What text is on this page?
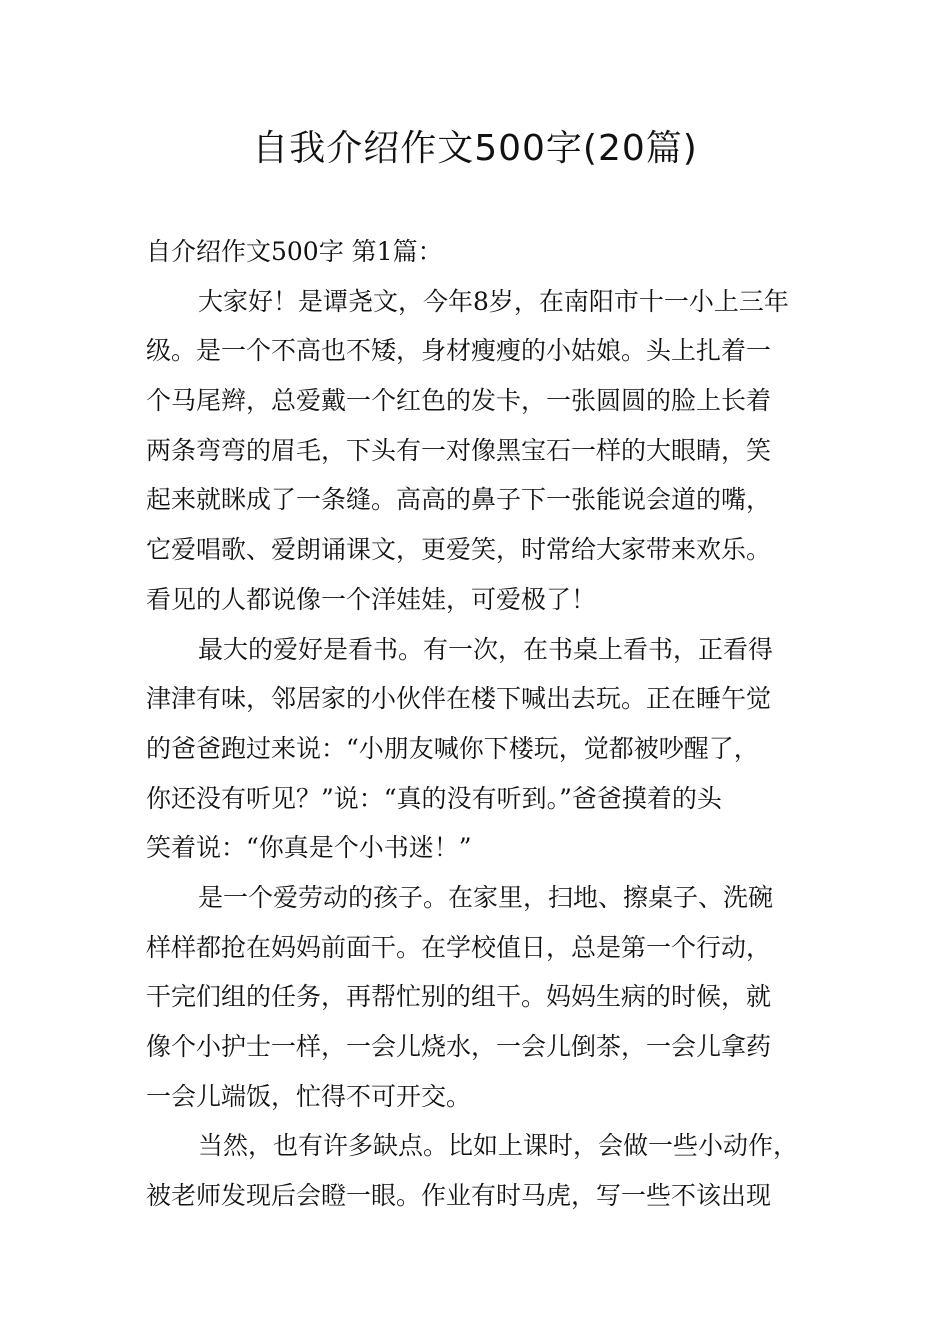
自我介绍作文500字(20篇)
自介绍作文500字 第1篇：
大家好！是谭尧文，今年8岁，在南阳市十一小上三年
级。是一个不高也不矮，身材瘦瘦的小姑娘。头上扎着一
个马尾辫，总爱戴一个红色的发卡，一张圆圆的脸上长着
两条弯弯的眉毛，下头有一对像黑宝石一样的大眼睛，笑
起来就眯成了一条缝。高高的鼻子下一张能说会道的嘴，
它爱唱歌、爱朗诵课文，更爱笑，时常给大家带来欢乐。
看见的人都说像一个洋娃娃，可爱极了！
最大的爱好是看书。有一次，在书桌上看书，正看得
津津有味，邻居家的小伙伴在楼下喊出去玩。正在睡午觉
的爸爸跑过来说：“小朋友喊你下楼玩，觉都被吵醒了，
你还没有听见？”说：“真的没有听到。”爸爸摸着的头
笑着说：“你真是个小书迷！”
是一个爱劳动的孩子。在家里，扫地、擦桌子、洗碗
样样都抢在妈妈前面干。在学校值日，总是第一个行动，
干完们组的任务，再帮忙别的组干。妈妈生病的时候，就
像个小护士一样，一会儿烧水，一会儿倒茶，一会儿拿药
一会儿端饭，忙得不可开交。
当然，也有许多缺点。比如上课时，会做一些小动作，
被老师发现后会瞪一眼。作业有时马虎，写一些不该出现
